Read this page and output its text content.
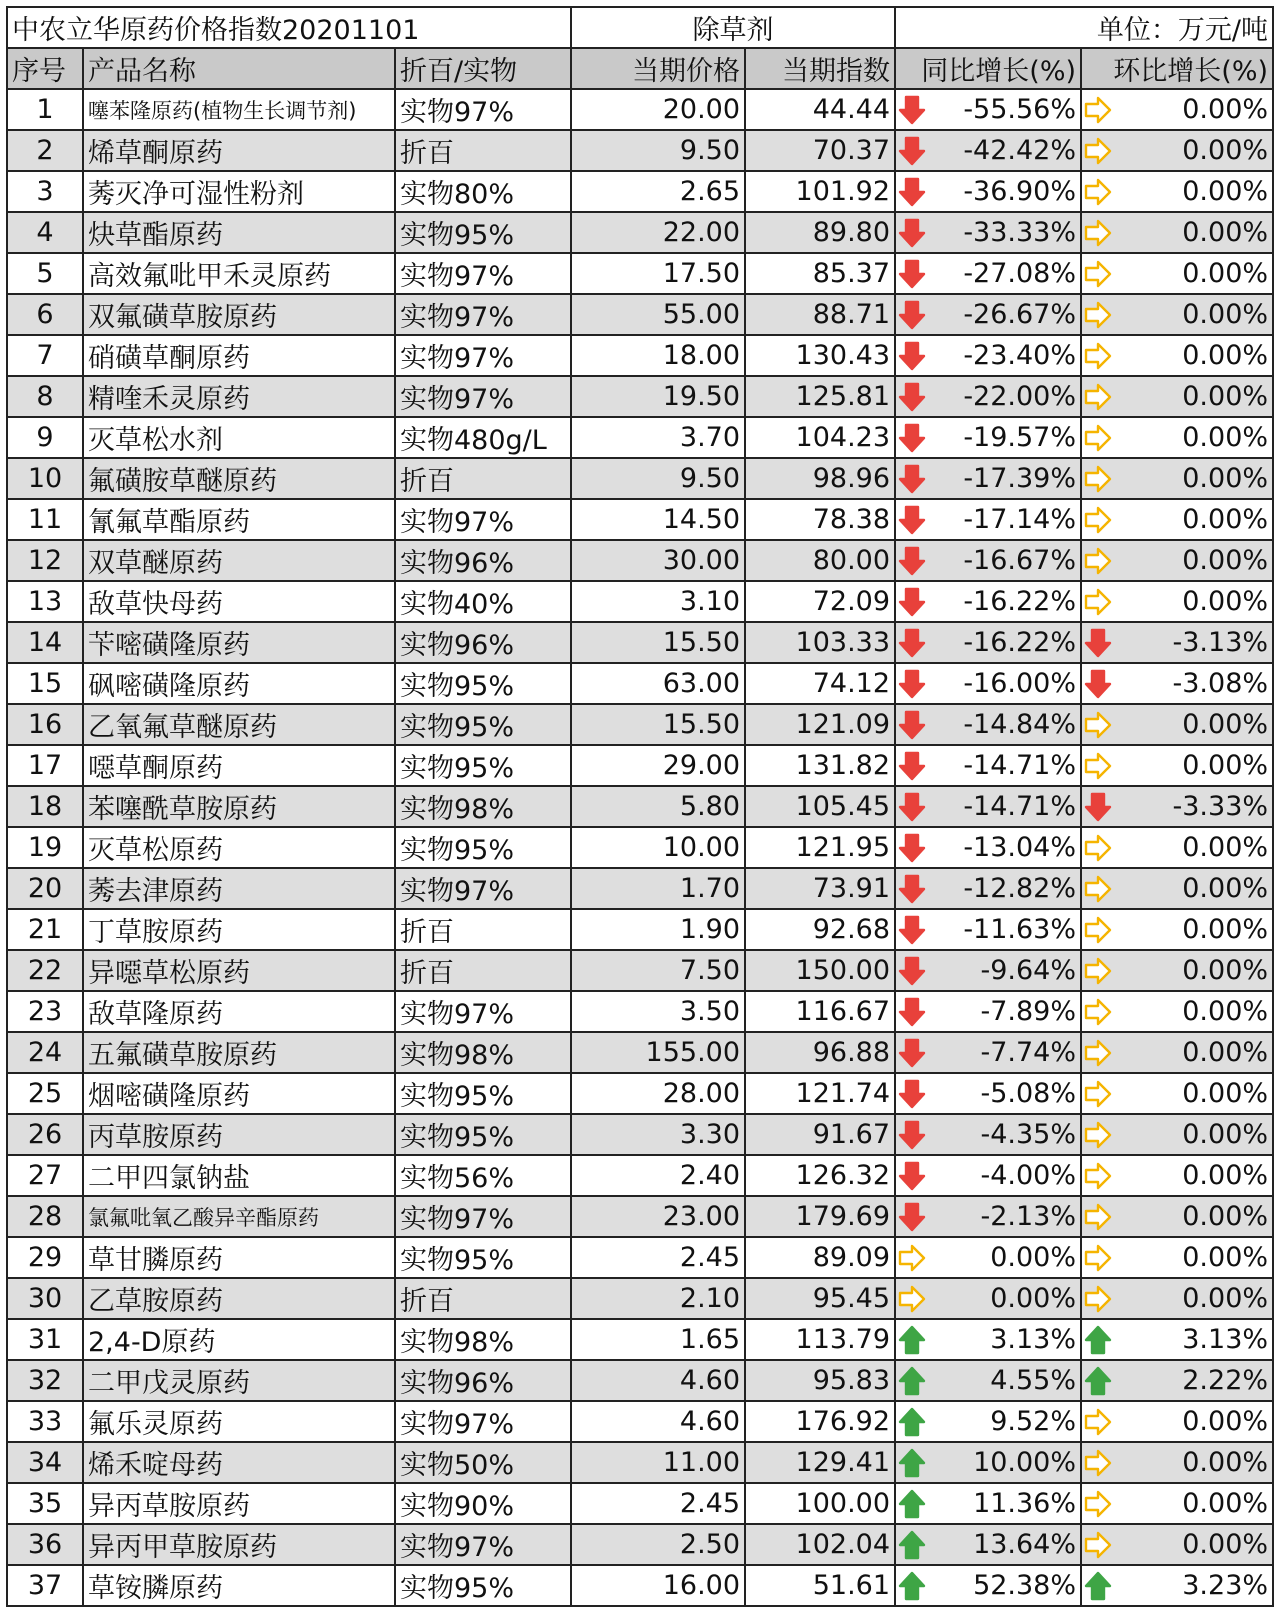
中农立华原药价格指数20201101			除草剂		单位：万元/吨	
序号	产品名称	折百/实物	当期价格	当期指数	同比增长(%)	环比增长(%)
1	噻苯隆原药(植物生长调节剂)	实物97%	20.00	44.44	-55.56%	0.00%

2	烯草酮原药	折百	9.50	70.37	-42.42%	0.00%

3	莠灭净可湿性粉剂	实物80%	2.65	101.92	-36.90%	0.00%

4	炔草酯原药	实物95%	22.00	89.80	-33.33%	0.00%

5	高效氟吡甲禾灵原药	实物97%	17.50	85.37	-27.08%	0.00%

6	双氟磺草胺原药	实物97%	55.00	88.71	-26.67%	0.00%

7	硝磺草酮原药	实物97%	18.00	130.43	-23.40%	0.00%

8	精喹禾灵原药	实物97%	19.50	125.81	-22.00%	0.00%

9	灭草松水剂	实物480g/L	3.70	104.23	-19.57%	0.00%

10	氟磺胺草醚原药	折百	9.50	98.96	-17.39%	0.00%

11	氰氟草酯原药	实物97%	14.50	78.38	-17.14%	0.00%

12	双草醚原药	实物96%	30.00	80.00	-16.67%	0.00%

13	敌草快母药	实物40%	3.10	72.09	-16.22%	0.00%

14	苄嘧磺隆原药	实物96%	15.50	103.33	-16.22%	-3.13%

15	砜嘧磺隆原药	实物95%	63.00	74.12	-16.00%	-3.08%

16	乙氧氟草醚原药	实物95%	15.50	121.09	-14.84%	0.00%

17	噁草酮原药	实物95%	29.00	131.82	-14.71%	0.00%

18	苯噻酰草胺原药	实物98%	5.80	105.45	-14.71%	-3.33%

19	灭草松原药	实物95%	10.00	121.95	-13.04%	0.00%

20	莠去津原药	实物97%	1.70	73.91	-12.82%	0.00%

21	丁草胺原药	折百	1.90	92.68	-11.63%	0.00%

22	异噁草松原药	折百	7.50	150.00	-9.64%	0.00%

23	敌草隆原药	实物97%	3.50	116.67	-7.89%	0.00%

24	五氟磺草胺原药	实物98%	155.00	96.88	-7.74%	0.00%

25	烟嘧磺隆原药	实物95%	28.00	121.74	-5.08%	0.00%

26	丙草胺原药	实物95%	3.30	91.67	-4.35%	0.00%

27	二甲四氯钠盐	实物56%	2.40	126.32	-4.00%	0.00%

28	氯氟吡氧乙酸异辛酯原药	实物97%	23.00	179.69	-2.13%	0.00%

29	草甘膦原药	实物95%	2.45	89.09	0.00%	0.00%

30	乙草胺原药	折百	2.10	95.45	0.00%	0.00%

31	2,4-D原药	实物98%	1.65	113.79	3.13%	3.13%

32	二甲戊灵原药	实物96%	4.60	95.83	4.55%	2.22%

33	氟乐灵原药	实物97%	4.60	176.92	9.52%	0.00%

34	烯禾啶母药	实物50%	11.00	129.41	10.00%	0.00%

35	异丙草胺原药	实物90%	2.45	100.00	11.36%	0.00%

36	异丙甲草胺原药	实物97%	2.50	102.04	13.64%	0.00%

37	草铵膦原药	实物95%	16.00	51.61	52.38%	3.23%
